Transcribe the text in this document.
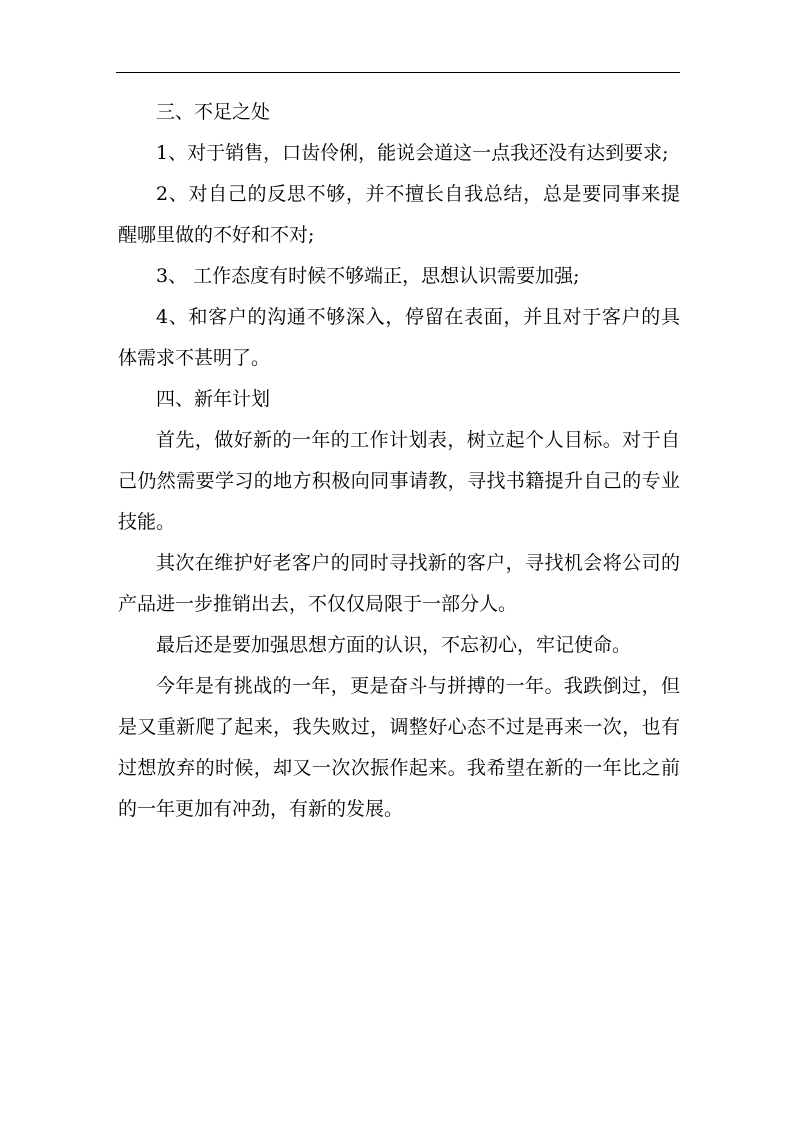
三、不足之处

1、对于销售，口齿伶俐，能说会道这一点我还没有达到要求;

2、对自己的反思不够，并不擅长自我总结，总是要同事来提醒哪里做的不好和不对;

3、 工作态度有时候不够端正，思想认识需要加强;

4、和客户的沟通不够深入，停留在表面，并且对于客户的具体需求不甚明了。

四、新年计划

首先，做好新的一年的工作计划表，树立起个人目标。对于自己仍然需要学习的地方积极向同事请教，寻找书籍提升自己的专业技能。

其次在维护好老客户的同时寻找新的客户，寻找机会将公司的产品进一步推销出去，不仅仅局限于一部分人。

最后还是要加强思想方面的认识，不忘初心，牢记使命。

今年是有挑战的一年，更是奋斗与拼搏的一年。我跌倒过，但是又重新爬了起来，我失败过，调整好心态不过是再来一次，也有过想放弃的时候，却又一次次振作起来。我希望在新的一年比之前的一年更加有冲劲，有新的发展。
